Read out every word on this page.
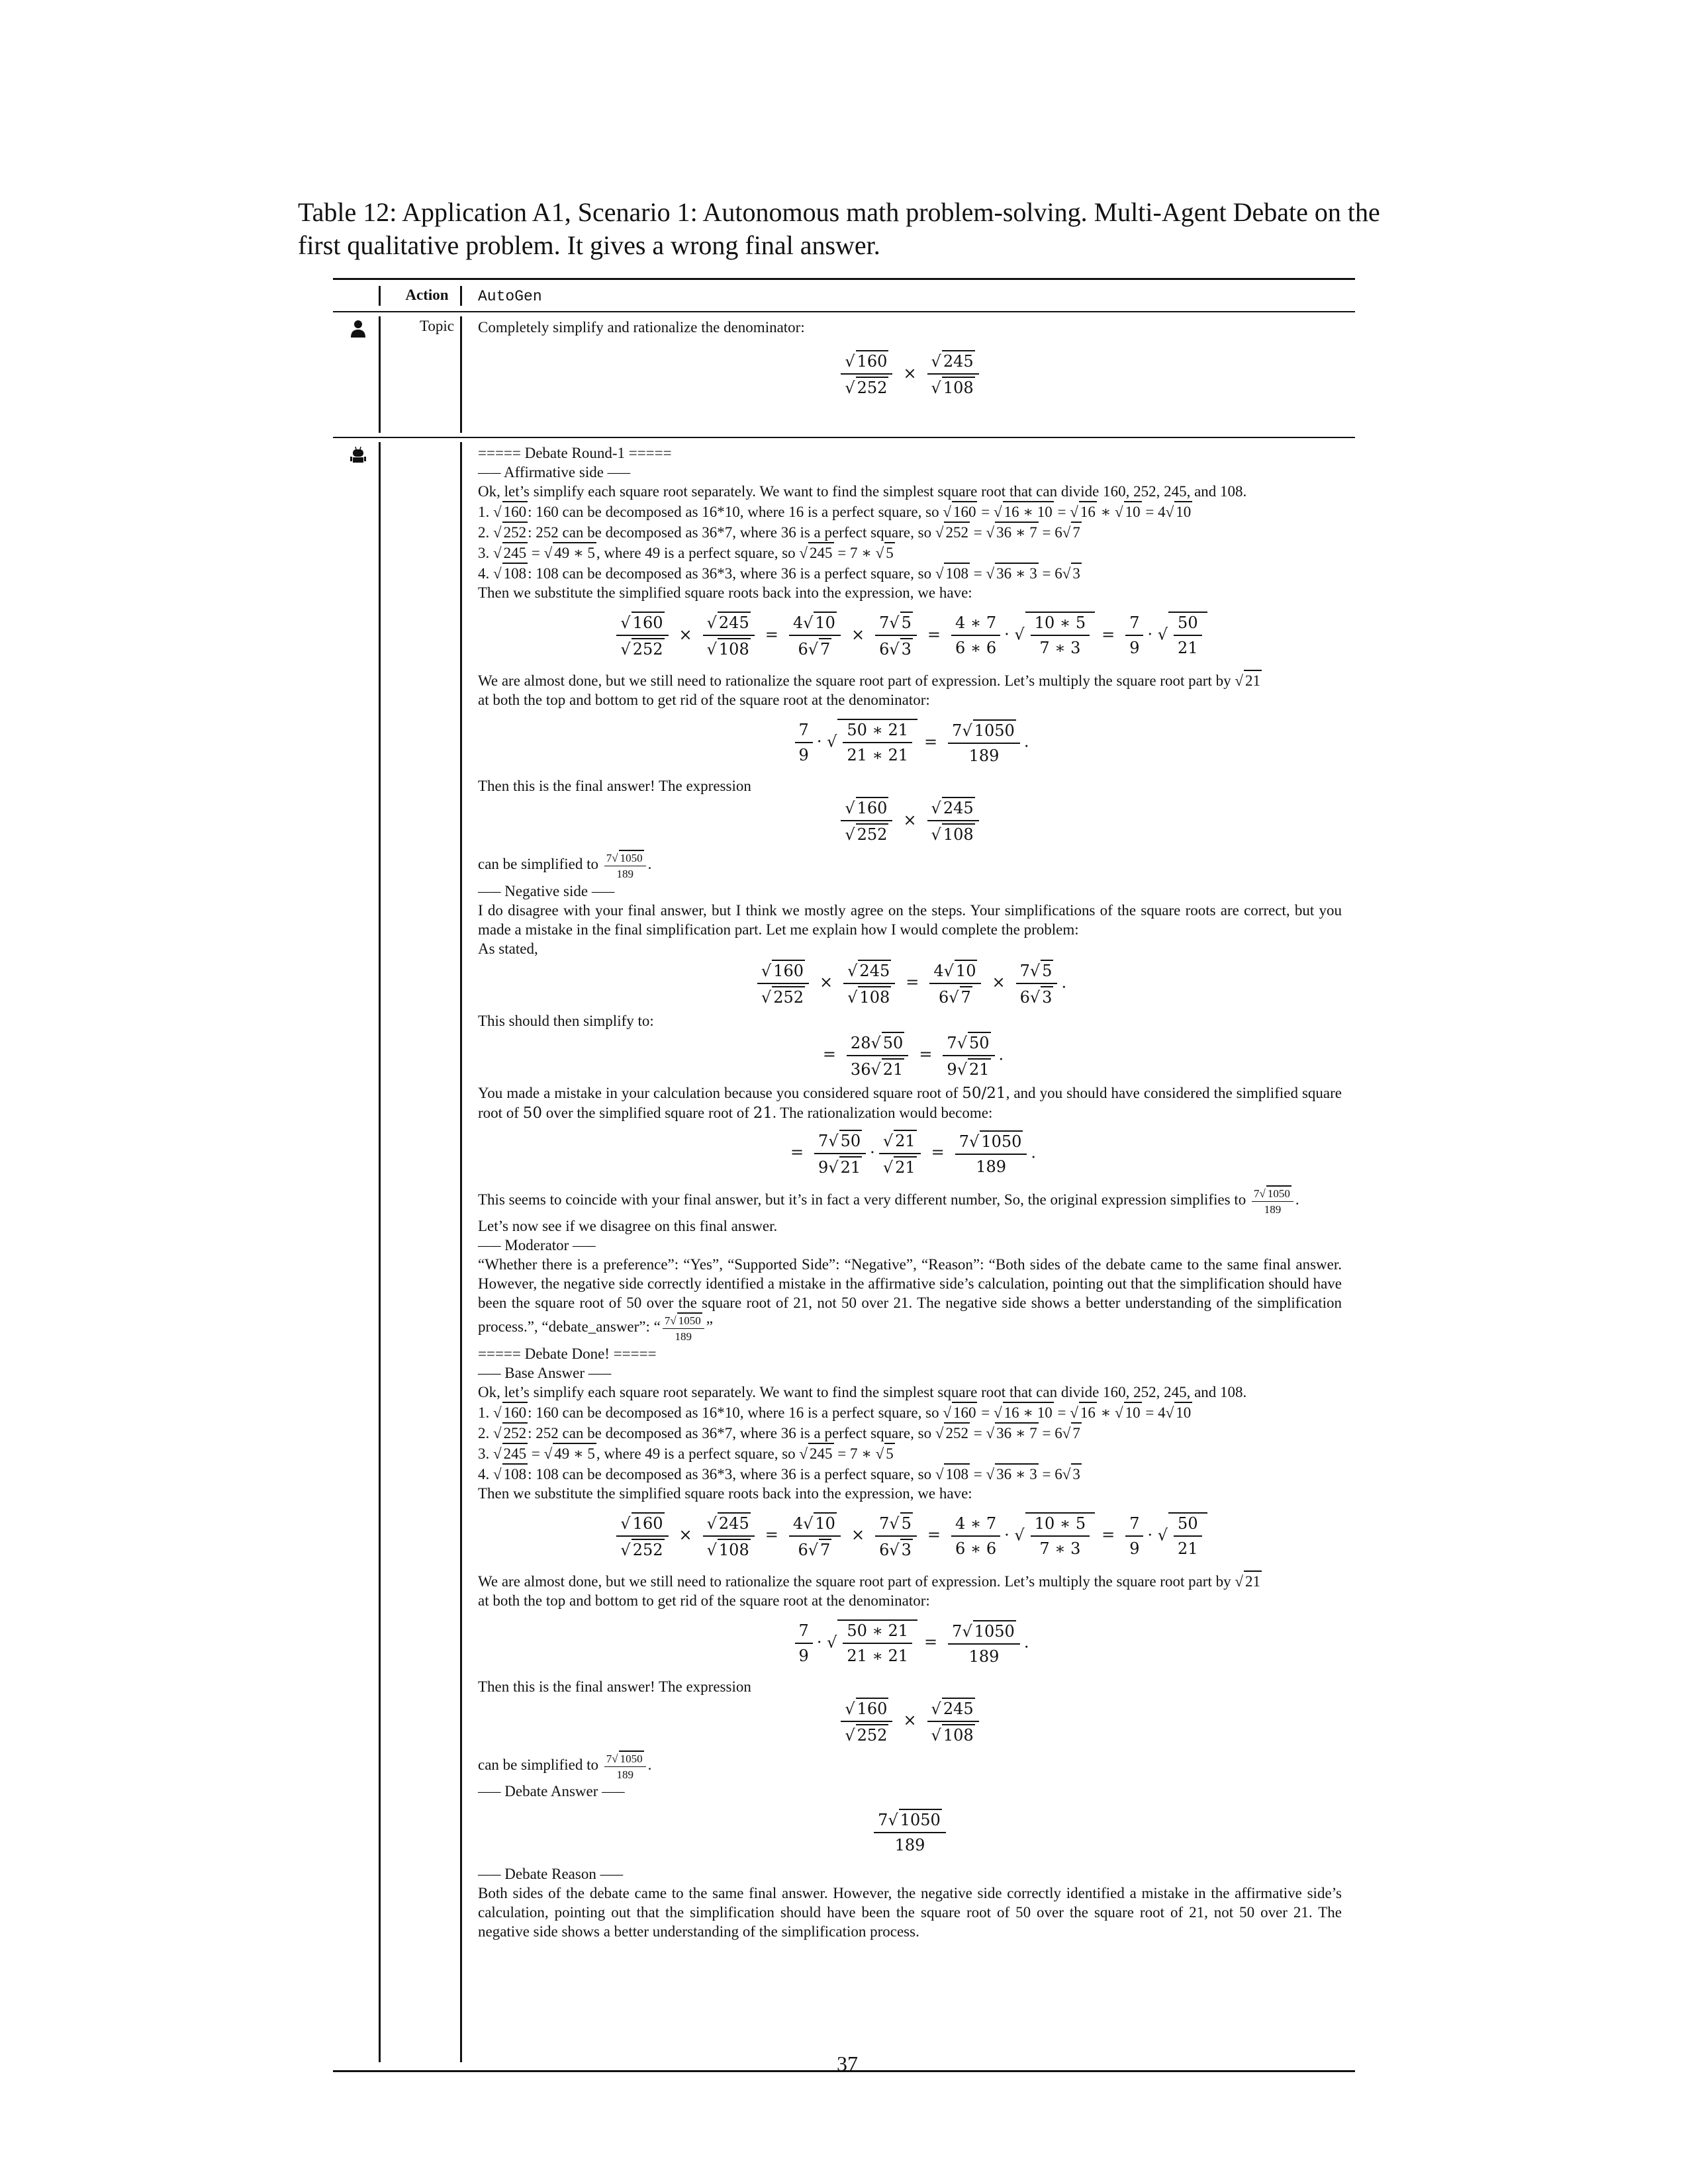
Table 12: Application A1, Scenario 1: Autonomous math problem-solving. Multi-Agent Debate on the first qualitative problem. It gives a wrong final answer.
Action	AutoGen
Topic	Completely simplify and rationalize the denominator:

$\frac{√ 160}{√ 252} \times \frac{√ 245}{√ 108}$

===== Debate Round-1 =====

—– Affirmative side —–

Ok, let’s simplify each square root separately. We want to find the simplest square root that can divide 160, 252, 245, and 108.

1. √ 160: 160 can be decomposed as 16*10, where 16 is a perfect square, so √ 160 = √ 16 ∗ 10 = √ 16 ∗ √ 10 = 4√ 10

2. √ 252: 252 can be decomposed as 36*7, where 36 is a perfect square, so √ 252 = √ 36 ∗ 7 = 6√ 7

3. √ 245 = √ 49 ∗ 5, where 49 is a perfect square, so √ 245 = 7 ∗ √ 5

4. √ 108: 108 can be decomposed as 36*3, where 36 is a perfect square, so √ 108 = √ 36 ∗ 3 = 6√ 3

Then we substitute the simplified square roots back into the expression, we have:

$\frac{√ 160}{√ 252} \times \frac{√ 245}{√ 108} = \frac{4√ 10}{6√ 7} \times \frac{7√ 5}{6√ 3} = \frac{4 ∗ 7}{6 ∗ 6}$ · √ $\frac{10 ∗ 5}{7 ∗ 3} = \frac{7}{9}$ · √ $\frac{50}{21}$

We are almost done, but we still need to rationalize the square root part of expression. Let’s multiply the square root part by √ 21

at both the top and bottom to get rid of the square root at the denominator:

$\frac{7}{9}$ · √ $\frac{50 ∗ 21}{21 ∗ 21} = \frac{7√ 1050}{189}$ .

Then this is the final answer! The expression

$\frac{√ 160}{√ 252} \times \frac{√ 245}{√ 108}$

can be simplified to $\frac{7√ 1050}{189}$ .

—– Negative side —–

I do disagree with your final answer, but I think we mostly agree on the steps. Your simplifications of the square roots are correct, but you made a mistake in the final simplification part. Let me explain how I would complete the problem:

As stated,

$\frac{√ 160}{√ 252} \times \frac{√ 245}{√ 108} = \frac{4√ 10}{6√ 7} \times \frac{7√ 5}{6√ 3}$ .

This should then simplify to:

= $\frac{28√ 50}{36√ 21} = \frac{7√ 50}{9√ 21}$ .

You made a mistake in your calculation because you considered square root of 50/21, and you should have considered the simplified square root of 50 over the simplified square root of 21. The rationalization would become:

= $\frac{7√ 50}{9√ 21} \cdot \frac{√ 21}{√ 21} = \frac{7√ 1050}{189}$ .

This seems to coincide with your final answer, but it’s in fact a very different number, So, the original expression simplifies to $\frac{7√ 1050}{189}$ .

Let’s now see if we disagree on this final answer.

—– Moderator —–

“Whether there is a preference”: “Yes”, “Supported Side”: “Negative”, “Reason”: “Both sides of the debate came to the same final answer. However, the negative side correctly identified a mistake in the affirmative side’s calculation, pointing out that the simplification should have been the square root of 50 over the square root of 21, not 50 over 21. The negative side shows a better understanding of the simplification process.”, “debate_answer”: “ $\frac{7√ 1050}{189}$ ”

===== Debate Done! =====

—– Base Answer —–

Ok, let’s simplify each square root separately. We want to find the simplest square root that can divide 160, 252, 245, and 108.

1. √ 160: 160 can be decomposed as 16*10, where 16 is a perfect square, so √ 160 = √ 16 ∗ 10 = √ 16 ∗ √ 10 = 4√ 10

2. √ 252: 252 can be decomposed as 36*7, where 36 is a perfect square, so √ 252 = √ 36 ∗ 7 = 6√ 7

3. √ 245 = √ 49 ∗ 5, where 49 is a perfect square, so √ 245 = 7 ∗ √ 5

4. √ 108: 108 can be decomposed as 36*3, where 36 is a perfect square, so √ 108 = √ 36 ∗ 3 = 6√ 3

Then we substitute the simplified square roots back into the expression, we have:

$\frac{√ 160}{√ 252} \times \frac{√ 245}{√ 108} = \frac{4√ 10}{6√ 7} \times \frac{7√ 5}{6√ 3} = \frac{4 ∗ 7}{6 ∗ 6}$ · √ $\frac{10 ∗ 5}{7 ∗ 3} = \frac{7}{9}$ · √ $\frac{50}{21}$

We are almost done, but we still need to rationalize the square root part of expression. Let’s multiply the square root part by √ 21

at both the top and bottom to get rid of the square root at the denominator:

$\frac{7}{9}$ · √ $\frac{50 ∗ 21}{21 ∗ 21} = \frac{7√ 1050}{189}$ .

Then this is the final answer! The expression

$\frac{√ 160}{√ 252} \times \frac{√ 245}{√ 108}$

can be simplified to $\frac{7√ 1050}{189}$ .

—– Debate Answer —–

$\frac{7√ 1050}{189}$

—– Debate Reason —–

Both sides of the debate came to the same final answer. However, the negative side correctly identified a mistake in the affirmative side’s calculation, pointing out that the simplification should have been the square root of 50 over the square root of 21, not 50 over 21. The negative side shows a better understanding of the simplification process.

37
